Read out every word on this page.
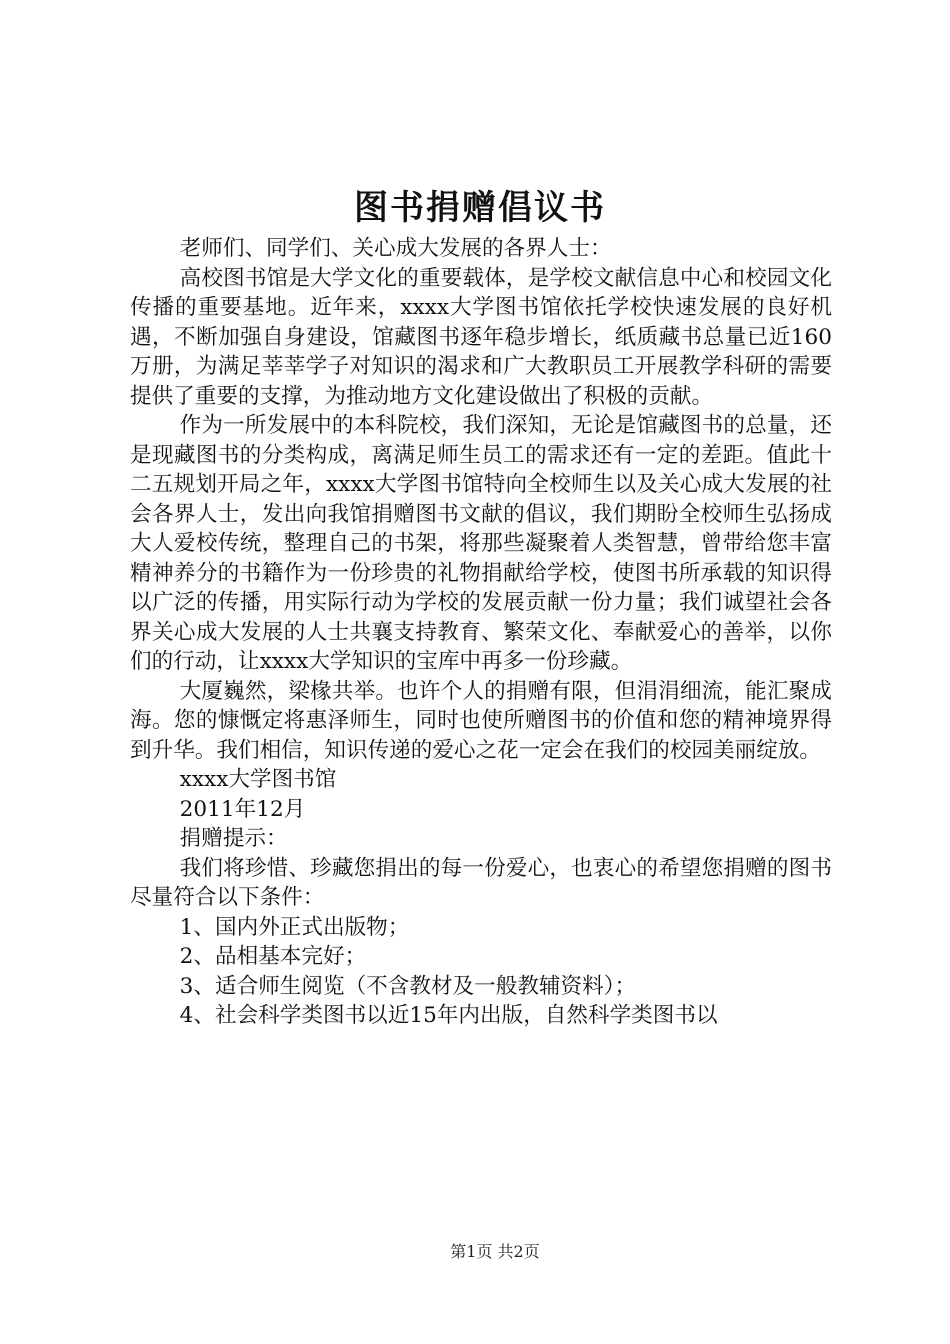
图书捐赠倡议书

老师们、同学们、关心成大发展的各界人士：

高校图书馆是大学文化的重要载体，是学校文献信息中心和校园文化传播的重要基地。近年来，xxxx大学图书馆依托学校快速发展的良好机遇，不断加强自身建设，馆藏图书逐年稳步增长，纸质藏书总量已近160万册，为满足莘莘学子对知识的渴求和广大教职员工开展教学科研的需要提供了重要的支撑，为推动地方文化建设做出了积极的贡献。

作为一所发展中的本科院校，我们深知，无论是馆藏图书的总量，还是现藏图书的分类构成，离满足师生员工的需求还有一定的差距。值此十二五规划开局之年，xxxx大学图书馆特向全校师生以及关心成大发展的社会各界人士，发出向我馆捐赠图书文献的倡议，我们期盼全校师生弘扬成大人爱校传统，整理自己的书架，将那些凝聚着人类智慧，曾带给您丰富精神养分的书籍作为一份珍贵的礼物捐献给学校，使图书所承载的知识得以广泛的传播，用实际行动为学校的发展贡献一份力量；我们诚望社会各界关心成大发展的人士共襄支持教育、繁荣文化、奉献爱心的善举，以你们的行动，让xxxx大学知识的宝库中再多一份珍藏。

大厦巍然，梁椽共举。也许个人的捐赠有限，但涓涓细流，能汇聚成海。您的慷慨定将惠泽师生，同时也使所赠图书的价值和您的精神境界得到升华。我们相信，知识传递的爱心之花一定会在我们的校园美丽绽放。

xxxx大学图书馆

2011年12月

捐赠提示：

我们将珍惜、珍藏您捐出的每一份爱心，也衷心的希望您捐赠的图书尽量符合以下条件：

1、国内外正式出版物；

2、品相基本完好；

3、适合师生阅览（不含教材及一般教辅资料）；

4、社会科学类图书以近15年内出版，自然科学类图书以

第1页 共2页
